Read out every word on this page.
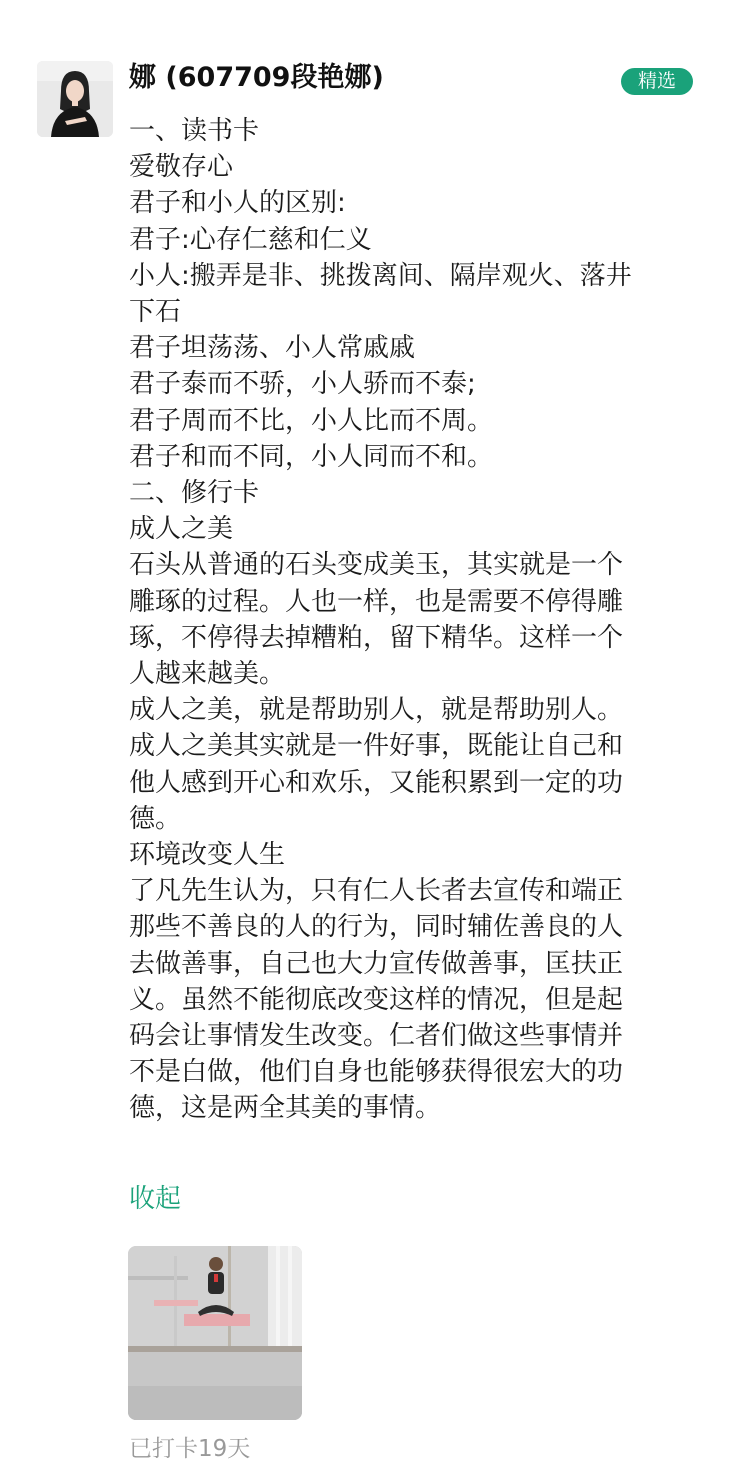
娜 (607709段艳娜)	精选
一、读书卡
爱敬存心
君子和小人的区别:
君子:心存仁慈和仁义
小人:搬弄是非、挑拨离间、隔岸观火、落井
下石
君子坦荡荡、小人常戚戚
君子泰而不骄，小人骄而不泰;
君子周而不比，小人比而不周。
君子和而不同，小人同而不和。
二、修行卡
成人之美
石头从普通的石头变成美玉，其实就是一个
雕琢的过程。人也一样，也是需要不停得雕
琢，不停得去掉糟粕，留下精华。这样一个
人越来越美。
成人之美，就是帮助别人，就是帮助别人。
成人之美其实就是一件好事，既能让自己和
他人感到开心和欢乐，又能积累到一定的功
德。
环境改变人生
了凡先生认为，只有仁人长者去宣传和端正
那些不善良的人的行为，同时辅佐善良的人
去做善事，自己也大力宣传做善事，匡扶正
义。虽然不能彻底改变这样的情况，但是起
码会让事情发生改变。仁者们做这些事情并
不是白做，他们自身也能够获得很宏大的功
德，这是两全其美的事情。
收起
已打卡19天
